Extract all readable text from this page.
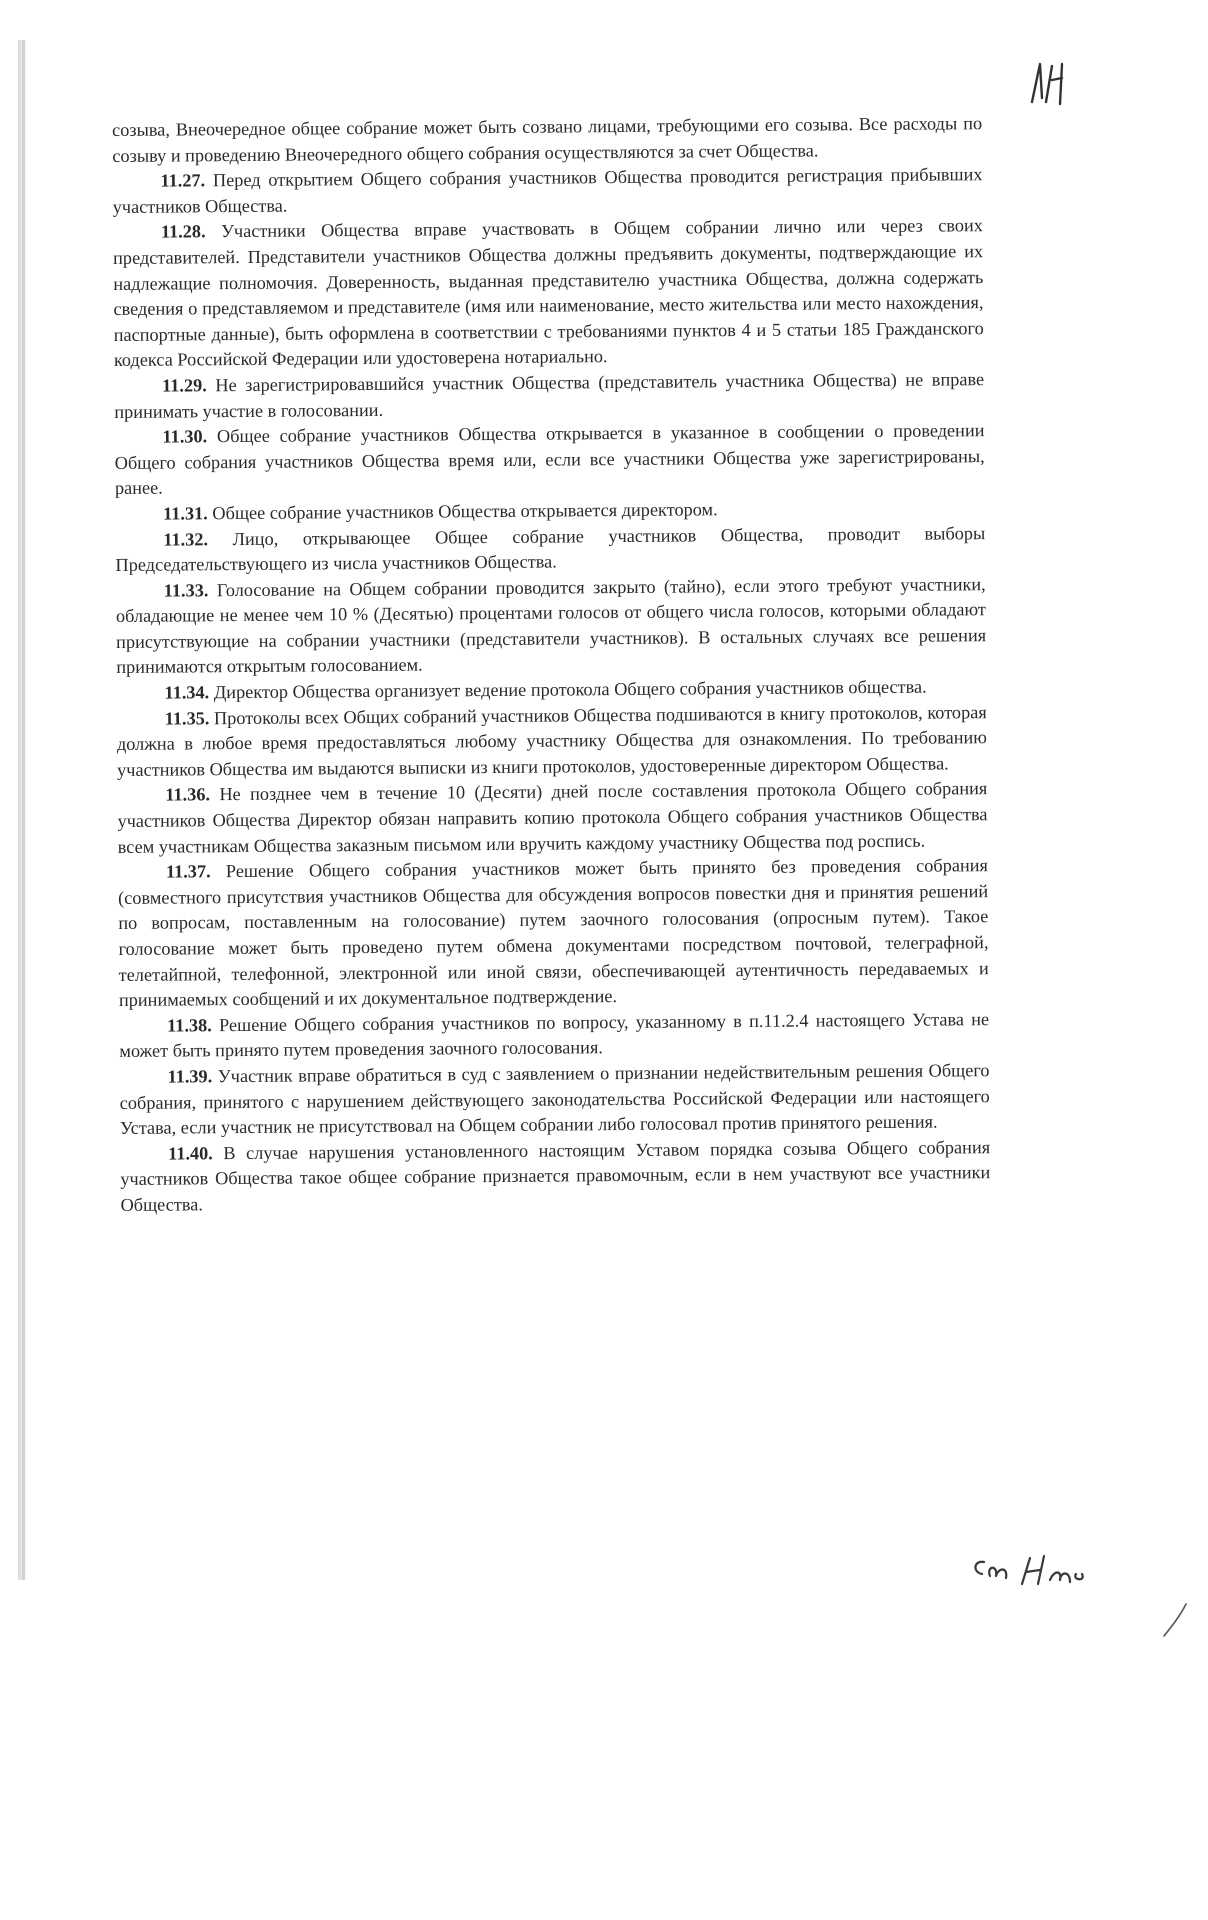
созыва, Внеочередное общее собрание может быть созвано лицами, требующими его созыва. Все расходы по созыву и проведению Внеочередного общего собрания осуществляются за счет Общества.

11.27. Перед открытием Общего собрания участников Общества проводится регистрация прибывших участников Общества.

11.28. Участники Общества вправе участвовать в Общем собрании лично или через своих представителей. Представители участников Общества должны предъявить документы, подтверждающие их надлежащие полномочия. Доверенность, выданная представителю участника Общества, должна содержать сведения о представляемом и представителе (имя или наименование, место жительства или место нахождения, паспортные данные), быть оформлена в соответствии с требованиями пунктов 4 и 5 статьи 185 Гражданского кодекса Российской Федерации или удостоверена нотариально.

11.29. Не зарегистрировавшийся участник Общества (представитель участника Общества) не вправе принимать участие в голосовании.

11.30. Общее собрание участников Общества открывается в указанное в сообщении о проведении Общего собрания участников Общества время или, если все участники Общества уже зарегистрированы, ранее.

11.31. Общее собрание участников Общества открывается директором.

11.32. Лицо, открывающее Общее собрание участников Общества, проводит выборы Председательствующего из числа участников Общества.

11.33. Голосование на Общем собрании проводится закрыто (тайно), если этого требуют участники, обладающие не менее чем 10 % (Десятью) процентами голосов от общего числа голосов, которыми обладают присутствующие на собрании участники (представители участников). В остальных случаях все решения принимаются открытым голосованием.

11.34. Директор Общества организует ведение протокола Общего собрания участников общества.

11.35. Протоколы всех Общих собраний участников Общества подшиваются в книгу протоколов, которая должна в любое время предоставляться любому участнику Общества для ознакомления. По требованию участников Общества им выдаются выписки из книги протоколов, удостоверенные директором Общества.

11.36. Не позднее чем в течение 10 (Десяти) дней после составления протокола Общего собрания участников Общества Директор обязан направить копию протокола Общего собрания участников Общества всем участникам Общества заказным письмом или вручить каждому участнику Общества под роспись.

11.37. Решение Общего собрания участников может быть принято без проведения собрания (совместного присутствия участников Общества для обсуждения вопросов повестки дня и принятия решений по вопросам, поставленным на голосование) путем заочного голосования (опросным путем). Такое голосование может быть проведено путем обмена документами посредством почтовой, телеграфной, телетайпной, телефонной, электронной или иной связи, обеспечивающей аутентичность передаваемых и принимаемых сообщений и их документальное подтверждение.

11.38. Решение Общего собрания участников по вопросу, указанному в п.11.2.4 настоящего Устава не может быть принято путем проведения заочного голосования.

11.39. Участник вправе обратиться в суд с заявлением о признании недействительным решения Общего собрания, принятого с нарушением действующего законодательства Российской Федерации или настоящего Устава, если участник не присутствовал на Общем собрании либо голосовал против принятого решения.

11.40. В случае нарушения установленного настоящим Уставом порядка созыва Общего собрания участников Общества такое общее собрание признается правомочным, если в нем участвуют все участники Общества.
